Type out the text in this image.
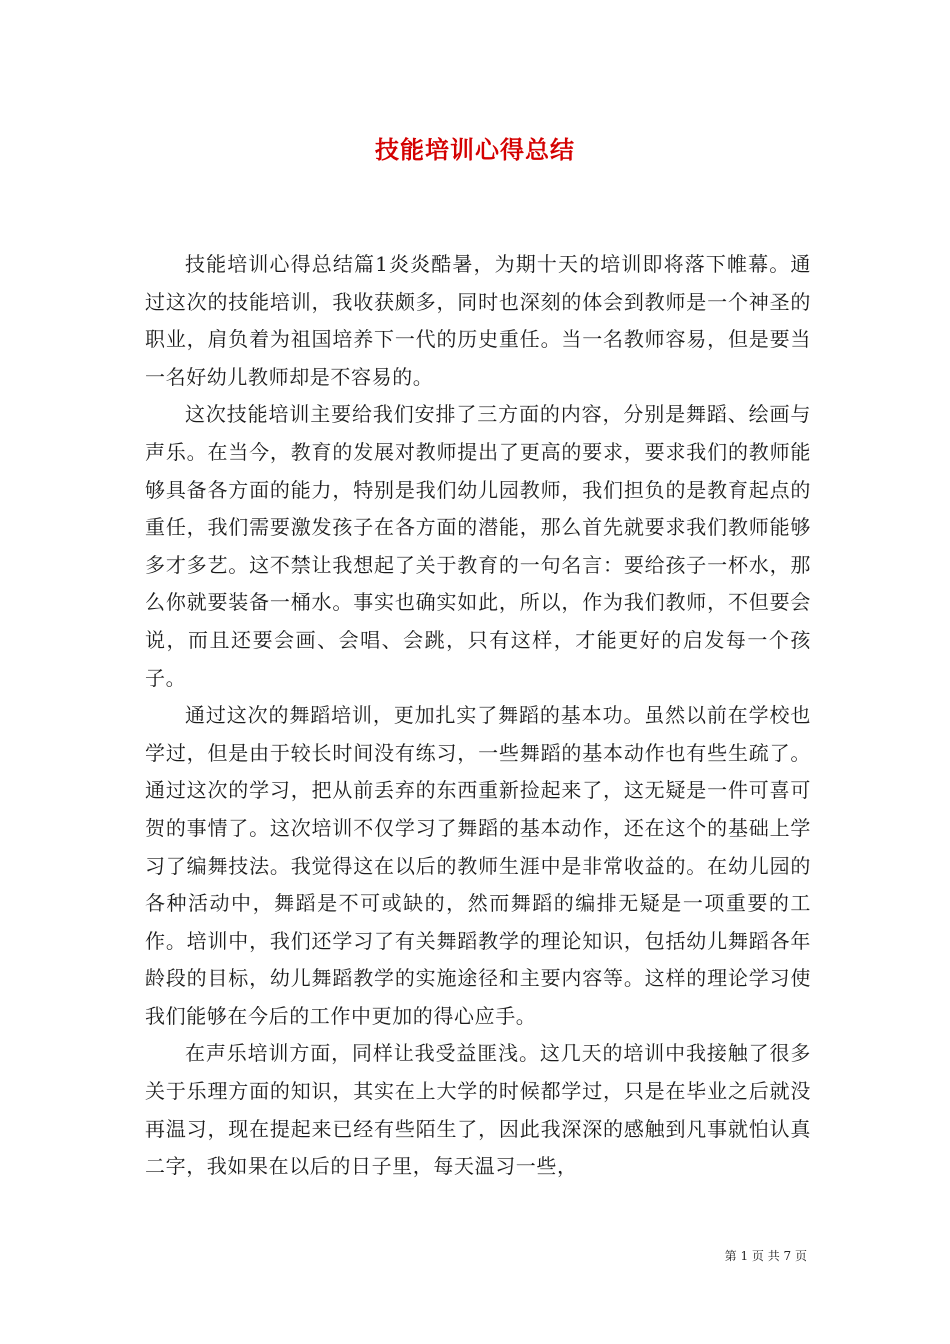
技能培训心得总结

技能培训心得总结篇1炎炎酷暑，为期十天的培训即将落下帷幕。通过这次的技能培训，我收获颇多，同时也深刻的体会到教师是一个神圣的职业，肩负着为祖国培养下一代的历史重任。当一名教师容易，但是要当一名好幼儿教师却是不容易的。

这次技能培训主要给我们安排了三方面的内容，分别是舞蹈、绘画与声乐。在当今，教育的发展对教师提出了更高的要求，要求我们的教师能够具备各方面的能力，特别是我们幼儿园教师，我们担负的是教育起点的重任，我们需要激发孩子在各方面的潜能，那么首先就要求我们教师能够多才多艺。这不禁让我想起了关于教育的一句名言：要给孩子一杯水，那么你就要装备一桶水。事实也确实如此，所以，作为我们教师，不但要会说，而且还要会画、会唱、会跳，只有这样，才能更好的启发每一个孩子。

通过这次的舞蹈培训，更加扎实了舞蹈的基本功。虽然以前在学校也学过，但是由于较长时间没有练习，一些舞蹈的基本动作也有些生疏了。通过这次的学习，把从前丢弃的东西重新捡起来了，这无疑是一件可喜可贺的事情了。这次培训不仅学习了舞蹈的基本动作，还在这个的基础上学习了编舞技法。我觉得这在以后的教师生涯中是非常收益的。在幼儿园的各种活动中，舞蹈是不可或缺的，然而舞蹈的编排无疑是一项重要的工作。培训中，我们还学习了有关舞蹈教学的理论知识，包括幼儿舞蹈各年龄段的目标，幼儿舞蹈教学的实施途径和主要内容等。这样的理论学习使我们能够在今后的工作中更加的得心应手。

在声乐培训方面，同样让我受益匪浅。这几天的培训中我接触了很多关于乐理方面的知识，其实在上大学的时候都学过，只是在毕业之后就没再温习，现在提起来已经有些陌生了，因此我深深的感触到凡事就怕认真二字，我如果在以后的日子里，每天温习一些，

第 1 页 共 7 页
